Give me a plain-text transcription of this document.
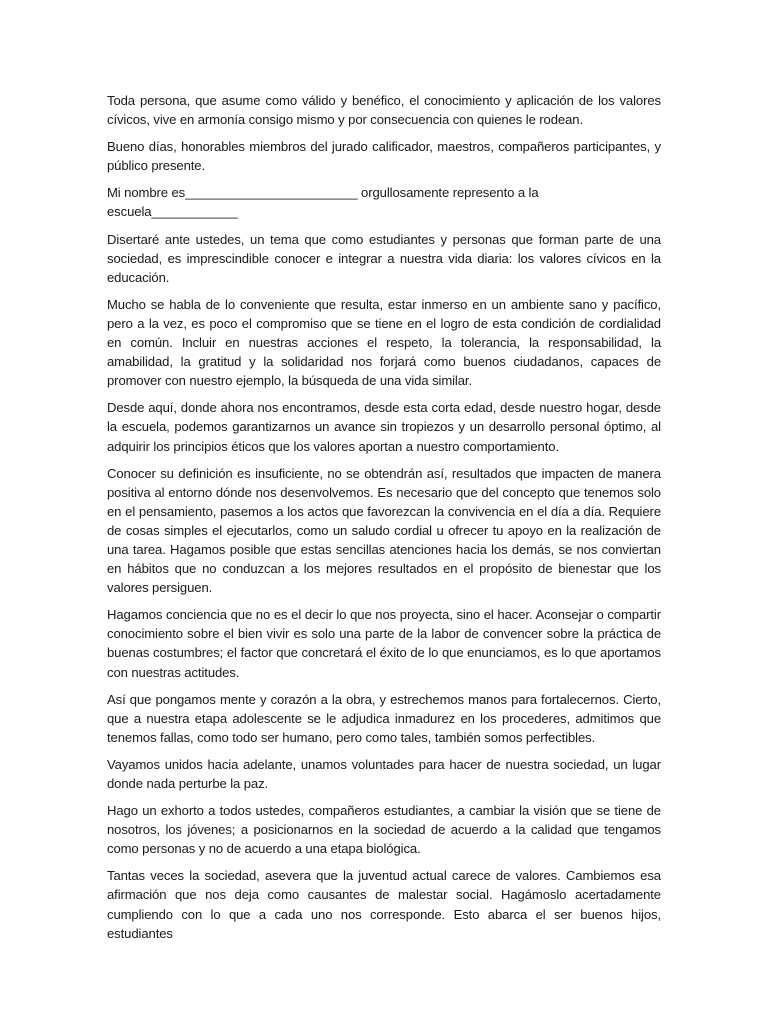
Toda persona, que asume como válido y benéfico, el conocimiento y aplicación de los valores cívicos, vive en armonía consigo mismo y por consecuencia con quienes le rodean.

Bueno días, honorables miembros del jurado calificador, maestros, compañeros participantes, y público presente.

Mi nombre es________________________ orgullosamente represento a la escuela____________

Disertaré ante ustedes, un tema que como estudiantes y personas que forman parte de una sociedad, es imprescindible conocer e integrar a nuestra vida diaria: los valores cívicos en la educación.

Mucho se habla de lo conveniente que resulta, estar inmerso en un ambiente sano y pacífico, pero a la vez, es poco el compromiso que se tiene en el logro de esta condición de cordialidad en común. Incluir en nuestras acciones el respeto, la tolerancia, la responsabilidad, la amabilidad, la gratitud y la solidaridad nos forjará como buenos ciudadanos, capaces de promover con nuestro ejemplo, la búsqueda de una vida similar.

Desde aquí, donde ahora nos encontramos, desde esta corta edad, desde nuestro hogar, desde la escuela, podemos garantizarnos un avance sin tropiezos y un desarrollo personal óptimo, al adquirir los principios éticos que los valores aportan a nuestro comportamiento.

Conocer su definición es insuficiente, no se obtendrán así, resultados que impacten de manera positiva al entorno dónde nos desenvolvemos. Es necesario que del concepto que tenemos solo en el pensamiento, pasemos a los actos que favorezcan la convivencia en el día a día. Requiere de cosas simples el ejecutarlos, como un saludo cordial u ofrecer tu apoyo en la realización de una tarea. Hagamos posible que estas sencillas atenciones hacia los demás, se nos conviertan en hábitos que no conduzcan a los mejores resultados en el propósito de bienestar que los valores persiguen.

Hagamos conciencia que no es el decir lo que nos proyecta, sino el hacer. Aconsejar o compartir conocimiento sobre el bien vivir es solo una parte de la labor de convencer sobre la práctica de buenas costumbres; el factor que concretará el éxito de lo que enunciamos, es lo que aportamos con nuestras actitudes.

Así que pongamos mente y corazón a la obra, y estrechemos manos para fortalecernos. Cierto, que a nuestra etapa adolescente se le adjudica inmadurez en los procederes, admitimos que tenemos fallas, como todo ser humano, pero como tales, también somos perfectibles.

Vayamos unidos hacia adelante, unamos voluntades para hacer de nuestra sociedad, un lugar donde nada perturbe la paz.

Hago un exhorto a todos ustedes, compañeros estudiantes, a cambiar la visión que se tiene de nosotros, los jóvenes; a posicionarnos en la sociedad de acuerdo a la calidad que tengamos como personas y no de acuerdo a una etapa biológica.

Tantas veces la sociedad, asevera que la juventud actual carece de valores. Cambiemos esa afirmación que nos deja como causantes de malestar social. Hagámoslo acertadamente cumpliendo con lo que a cada uno nos corresponde. Esto abarca el ser buenos hijos, estudiantes
